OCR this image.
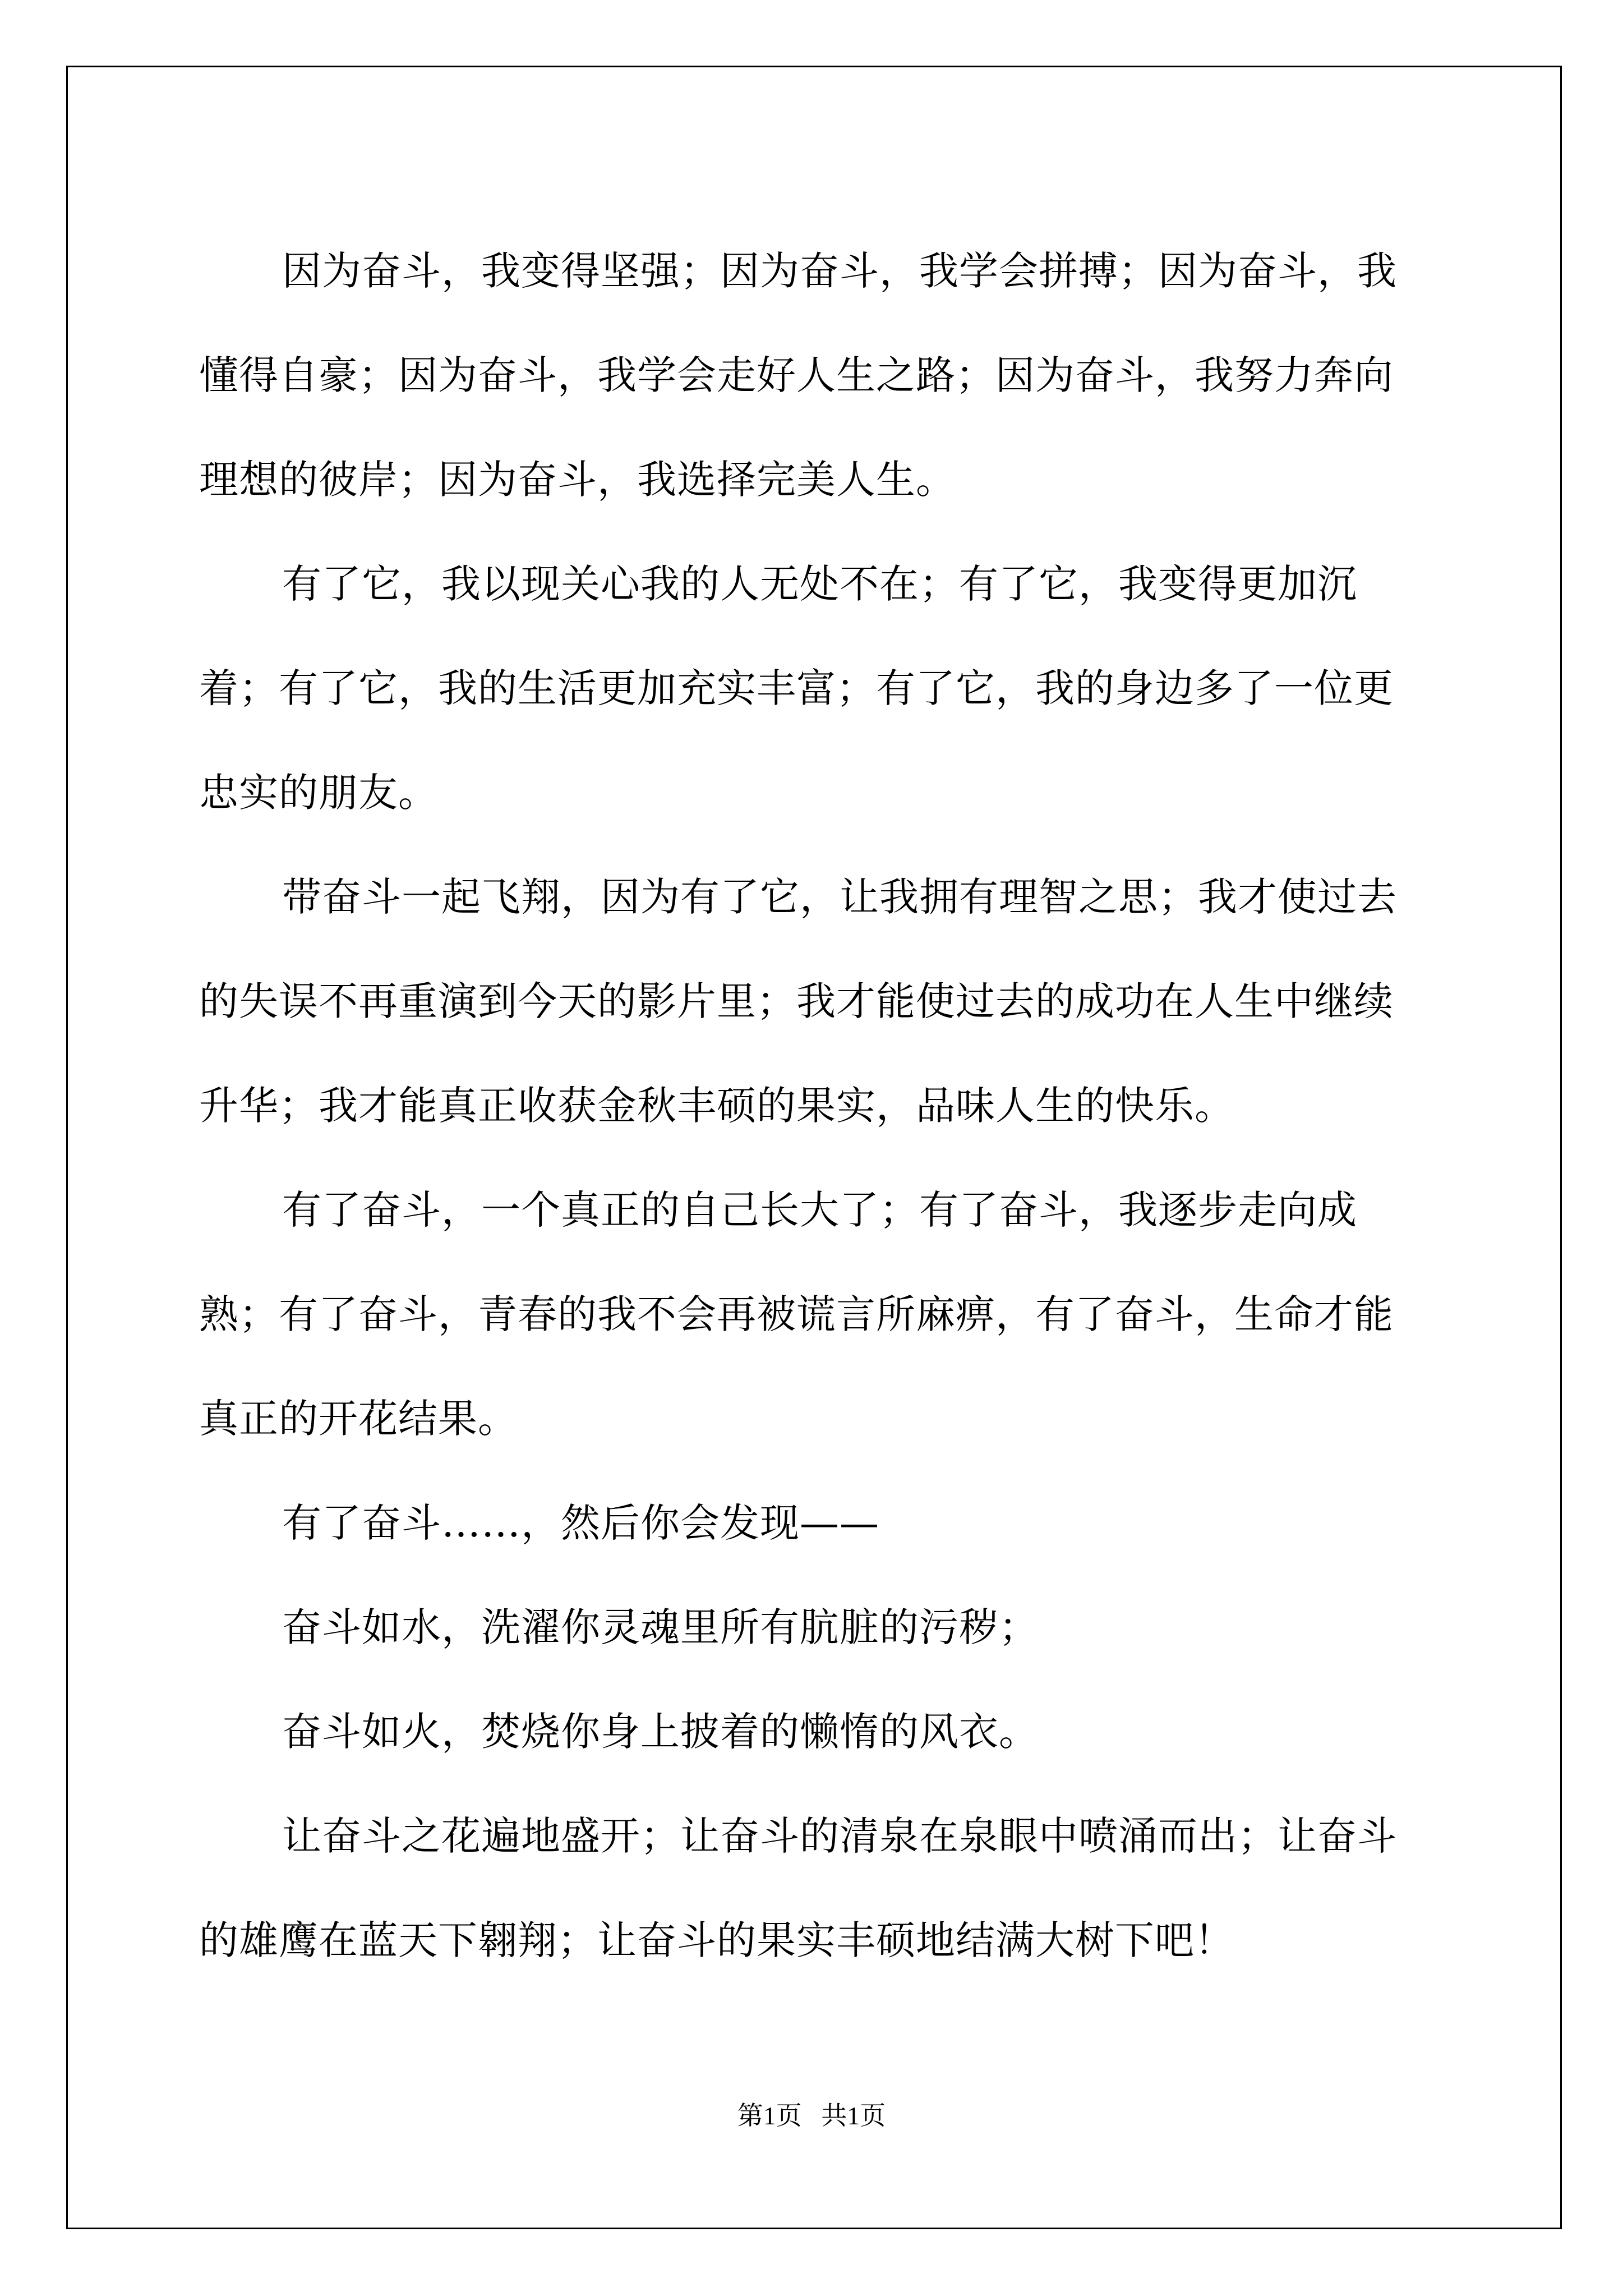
因为奋斗，我变得坚强；因为奋斗，我学会拼搏；因为奋斗，我懂得自豪；因为奋斗，我学会走好人生之路；因为奋斗，我努力奔向理想的彼岸；因为奋斗，我选择完美人生。

有了它，我以现关心我的人无处不在；有了它，我变得更加沉着；有了它，我的生活更加充实丰富；有了它，我的身边多了一位更忠实的朋友。

带奋斗一起飞翔，因为有了它，让我拥有理智之思；我才使过去的失误不再重演到今天的影片里；我才能使过去的成功在人生中继续升华；我才能真正收获金秋丰硕的果实，品味人生的快乐。

有了奋斗，一个真正的自己长大了；有了奋斗，我逐步走向成熟；有了奋斗，青春的我不会再被谎言所麻痹，有了奋斗，生命才能真正的开花结果。

有了奋斗……，然后你会发现——

奋斗如水，洗濯你灵魂里所有肮脏的污秽；

奋斗如火，焚烧你身上披着的懒惰的风衣。

让奋斗之花遍地盛开；让奋斗的清泉在泉眼中喷涌而出；让奋斗的雄鹰在蓝天下翱翔；让奋斗的果实丰硕地结满大树下吧！

第1页   共1页
